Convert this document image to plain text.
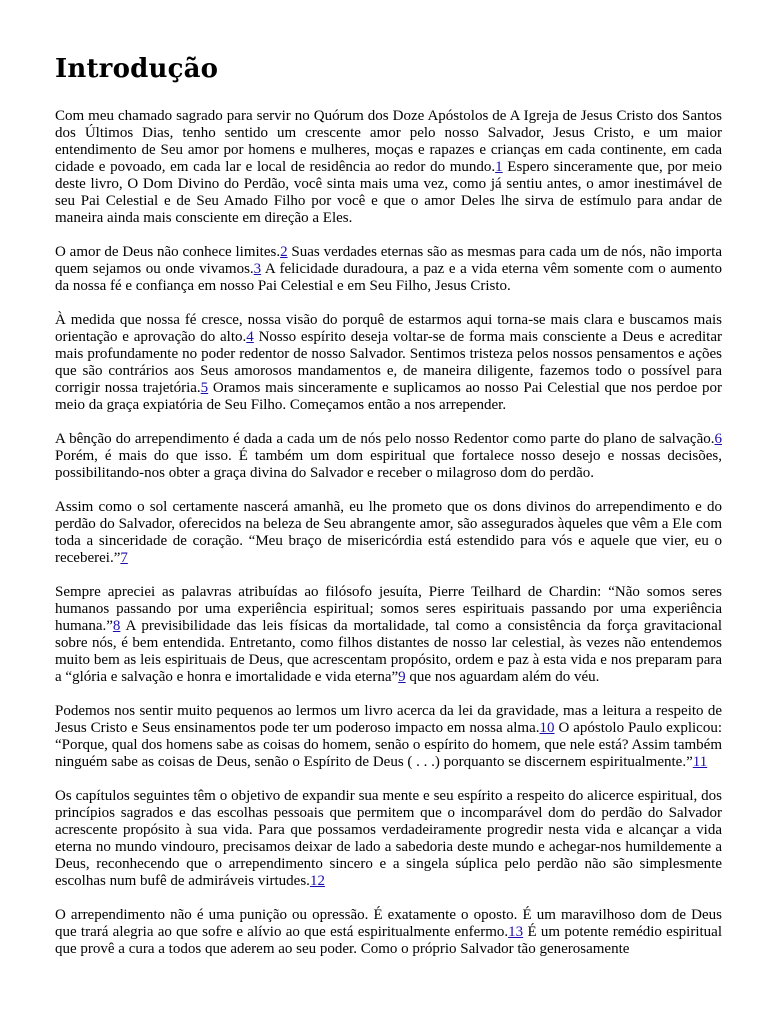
Introdução

Com meu chamado sagrado para servir no Quórum dos Doze Apóstolos de A Igreja de Jesus Cristo dos Santos dos Últimos Dias, tenho sentido um crescente amor pelo nosso Salvador, Jesus Cristo, e um maior entendimento de Seu amor por homens e mulheres, moças e rapazes e crianças em cada continente, em cada cidade e povoado, em cada lar e local de residência ao redor do mundo.1 Espero sinceramente que, por meio deste livro, O Dom Divino do Perdão, você sinta mais uma vez, como já sentiu antes, o amor inestimável de seu Pai Celestial e de Seu Amado Filho por você e que o amor Deles lhe sirva de estímulo para andar de maneira ainda mais consciente em direção a Eles.

O amor de Deus não conhece limites.2 Suas verdades eternas são as mesmas para cada um de nós, não importa quem sejamos ou onde vivamos.3 A felicidade duradoura, a paz e a vida eterna vêm somente com o aumento da nossa fé e confiança em nosso Pai Celestial e em Seu Filho, Jesus Cristo.

À medida que nossa fé cresce, nossa visão do porquê de estarmos aqui torna-se mais clara e buscamos mais orientação e aprovação do alto.4 Nosso espírito deseja voltar-se de forma mais consciente a Deus e acreditar mais profundamente no poder redentor de nosso Salvador. Sentimos tristeza pelos nossos pensamentos e ações que são contrários aos Seus amorosos mandamentos e, de maneira diligente, fazemos todo o possível para corrigir nossa trajetória.5 Oramos mais sinceramente e suplicamos ao nosso Pai Celestial que nos perdoe por meio da graça expiatória de Seu Filho. Começamos então a nos arrepender.

A bênção do arrependimento é dada a cada um de nós pelo nosso Redentor como parte do plano de salvação.6 Porém, é mais do que isso. É também um dom espiritual que fortalece nosso desejo e nossas decisões, possibilitando-nos obter a graça divina do Salvador e receber o milagroso dom do perdão.

Assim como o sol certamente nascerá amanhã, eu lhe prometo que os dons divinos do arrependimento e do perdão do Salvador, oferecidos na beleza de Seu abrangente amor, são assegurados àqueles que vêm a Ele com toda a sinceridade de coração. “Meu braço de misericórdia está estendido para vós e aquele que vier, eu o receberei.”7

Sempre apreciei as palavras atribuídas ao filósofo jesuíta, Pierre Teilhard de Chardin: “Não somos seres humanos passando por uma experiência espiritual; somos seres espirituais passando por uma experiência humana.”8 A previsibilidade das leis físicas da mortalidade, tal como a consistência da força gravitacional sobre nós, é bem entendida. Entretanto, como filhos distantes de nosso lar celestial, às vezes não entendemos muito bem as leis espirituais de Deus, que acrescentam propósito, ordem e paz à esta vida e nos preparam para a “glória e salvação e honra e imortalidade e vida eterna”9 que nos aguardam além do véu.

Podemos nos sentir muito pequenos ao lermos um livro acerca da lei da gravidade, mas a leitura a respeito de Jesus Cristo e Seus ensinamentos pode ter um poderoso impacto em nossa alma.10 O apóstolo Paulo explicou: “Porque, qual dos homens sabe as coisas do homem, senão o espírito do homem, que nele está? Assim também ninguém sabe as coisas de Deus, senão o Espírito de Deus ( . . .) porquanto se discernem espiritualmente.”11

Os capítulos seguintes têm o objetivo de expandir sua mente e seu espírito a respeito do alicerce espiritual, dos princípios sagrados e das escolhas pessoais que permitem que o incomparável dom do perdão do Salvador acrescente propósito à sua vida. Para que possamos verdadeiramente progredir nesta vida e alcançar a vida eterna no mundo vindouro, precisamos deixar de lado a sabedoria deste mundo e achegar-nos humildemente a Deus, reconhecendo que o arrependimento sincero e a singela súplica pelo perdão não são simplesmente escolhas num bufê de admiráveis virtudes.12

O arrependimento não é uma punição ou opressão. É exatamente o oposto. É um maravilhoso dom de Deus que trará alegria ao que sofre e alívio ao que está espiritualmente enfermo.13 É um potente remédio espiritual que provê a cura a todos que aderem ao seu poder. Como o próprio Salvador tão generosamente
